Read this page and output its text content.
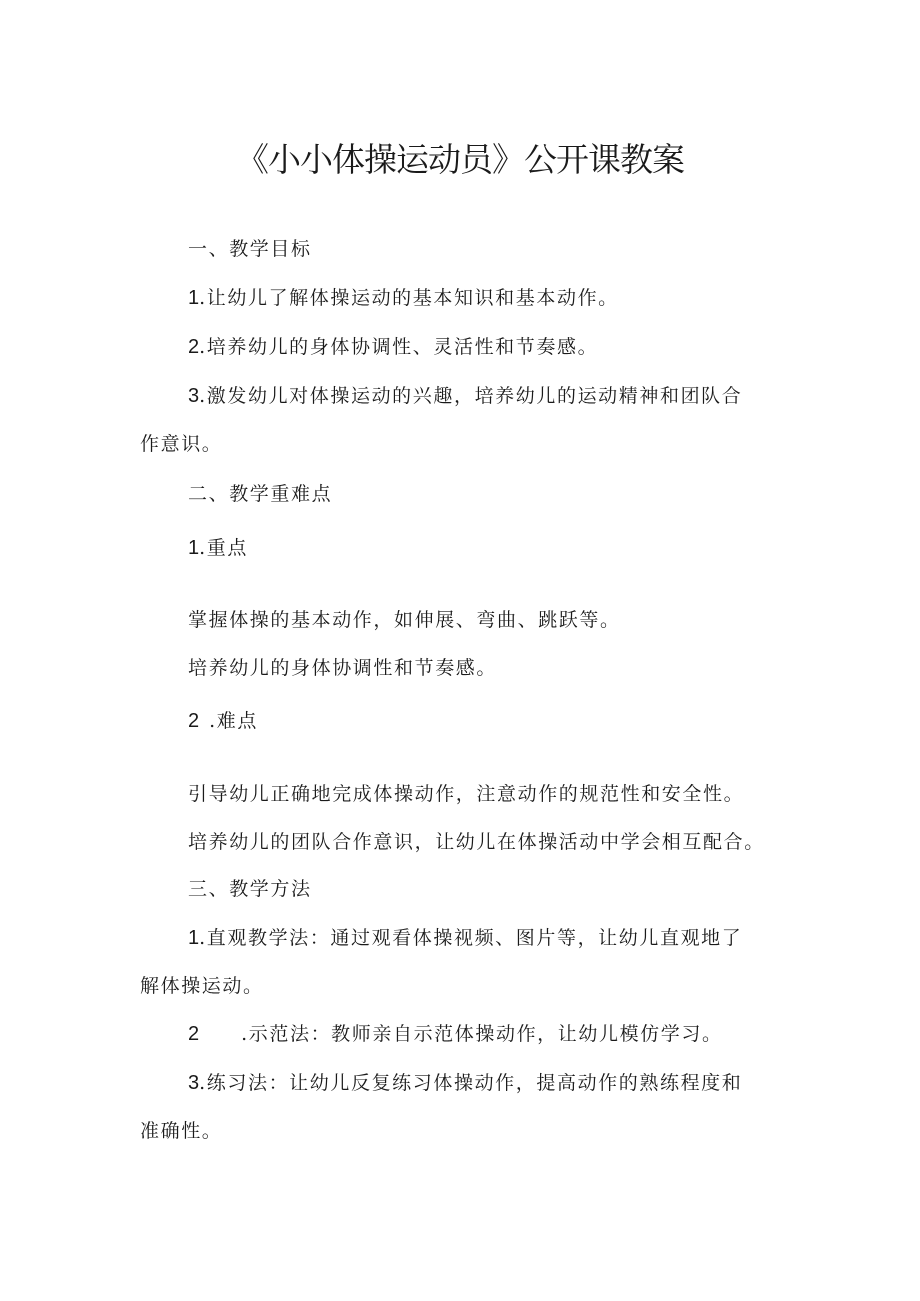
《小小体操运动员》公开课教案

一、教学目标

1.让幼儿了解体操运动的基本知识和基本动作。

2.培养幼儿的身体协调性、灵活性和节奏感。

3.激发幼儿对体操运动的兴趣，培养幼儿的运动精神和团队合
作意识。

二、教学重难点

1.重点

掌握体操的基本动作，如伸展、弯曲、跳跃等。

培养幼儿的身体协调性和节奏感。

2 .难点

引导幼儿正确地完成体操动作，注意动作的规范性和安全性。

培养幼儿的团队合作意识，让幼儿在体操活动中学会相互配合。

三、教学方法

1.直观教学法：通过观看体操视频、图片等，让幼儿直观地了
解体操运动。

2 .示范法：教师亲自示范体操动作，让幼儿模仿学习。

3.练习法：让幼儿反复练习体操动作，提高动作的熟练程度和
准确性。
